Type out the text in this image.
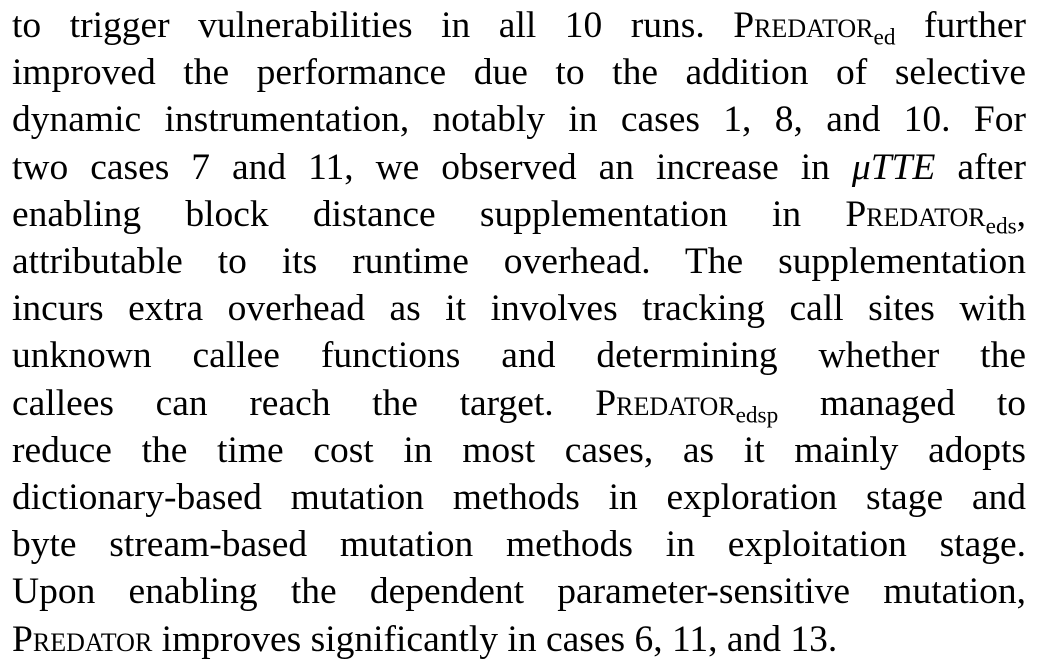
to trigger vulnerabilities in all 10 runs. Predator$_{ed}$ further
improved the performance due to the addition of selective
dynamic instrumentation, notably in cases 1, 8, and 10. For
two cases 7 and 11, we observed an increase in μTTE after
enabling block distance supplementation in Predator$_{eds}$,
attributable to its runtime overhead. The supplementation
incurs extra overhead as it involves tracking call sites with
unknown callee functions and determining whether the
callees can reach the target. Predator$_{edsp}$ managed to
reduce the time cost in most cases, as it mainly adopts
dictionary-based mutation methods in exploration stage and
byte stream-based mutation methods in exploitation stage.
Upon enabling the dependent parameter-sensitive mutation,
Predator improves significantly in cases 6, 11, and 13.
